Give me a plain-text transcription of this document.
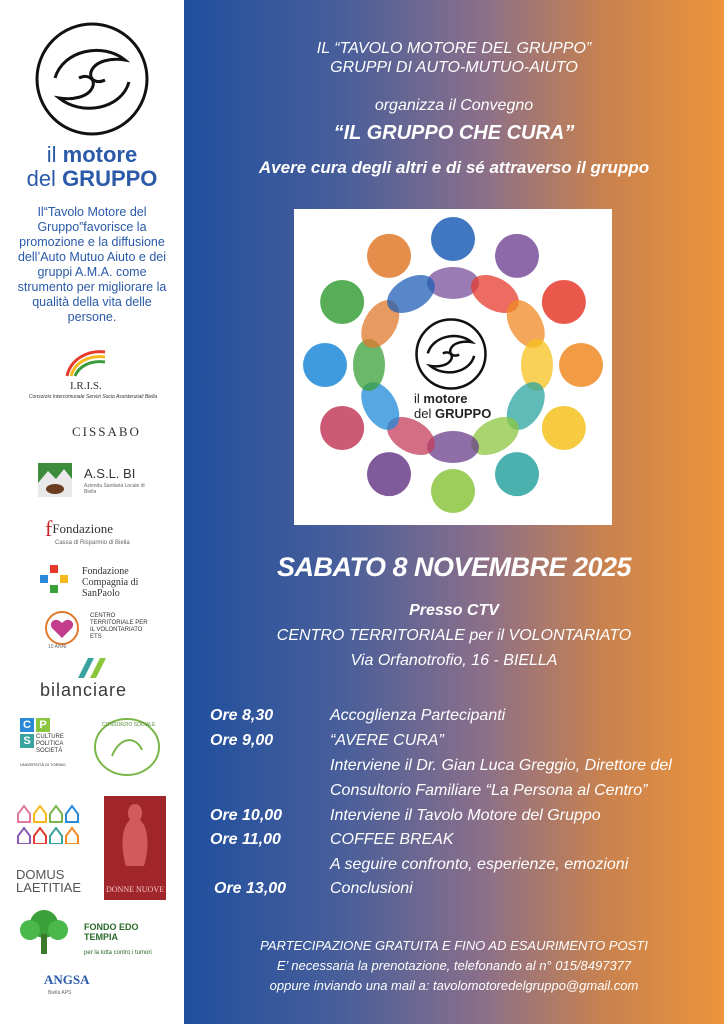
il motore
del GRUPPO
Il“Tavolo Motore del Gruppo”favorisce la promozione e la diffusione dell’Auto Mutuo Aiuto e dei gruppi A.M.A. come strumento per migliorare la qualità della vita delle persone.
I.R.I.S.
Consorzio Intercomunale Servizi Socio Assistenziali Biella
CISSABO
A.S.L. BI
Azienda Sanitaria Locale di Biella
fFondazione
Cassa di Risparmio di Biella
Fondazione Compagnia di SanPaolo
10 ANNI
CENTRO TERRITORIALE PER IL VOLONTARIATO ETS
bilanciare
C P
S CULTURE POLITICA SOCIETÀ
UNIVERSITÀ DI TORINO
CONSORZIO SOCIALE
DOMUS LAETITIAE	DONNE NUOVE
FONDO EDO TEMPIA
per la lotta contro i tumori
ANGSA
Biella APS
IL “TAVOLO MOTORE DEL GRUPPO”
GRUPPI DI AUTO-MUTUO-AIUTO
organizza il Convegno
“IL GRUPPO CHE CURA”
Avere cura degli altri e di sé attraverso il gruppo
il motore
del GRUPPO
SABATO 8 NOVEMBRE 2025
Presso CTV
CENTRO TERRITORIALE per il VOLONTARIATO
Via Orfanotrofio, 16 - BIELLA
Ore 8,30	Accoglienza Partecipanti
Ore 9,00	“AVERE CURA”
Interviene il Dr. Gian Luca Greggio, Direttore del
Consultorio Familiare “La Persona al Centro”
Ore 10,00	Interviene il Tavolo Motore del Gruppo
Ore 11,00	COFFEE BREAK
A seguire confronto, esperienze, emozioni
Ore 13,00	Conclusioni
PARTECIPAZIONE GRATUITA E FINO AD ESAURIMENTO POSTI
E’ necessaria la prenotazione, telefonando al n° 015/8497377
oppure inviando una mail a: tavolomotoredelgruppo@gmail.com
